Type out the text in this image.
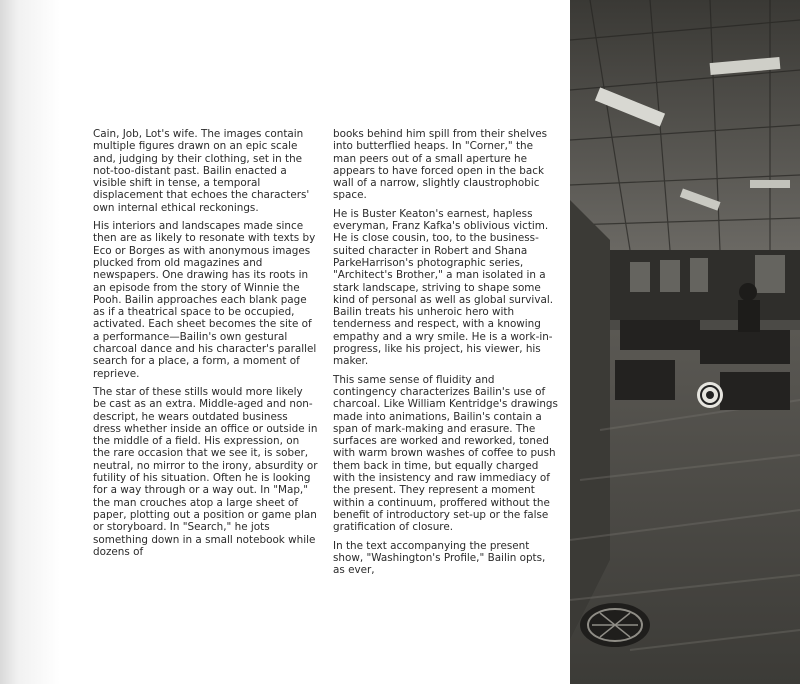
Cain, Job, Lot's wife. The images contain multiple figures drawn on an epic scale and, judging by their clothing, set in the not-too-distant past. Bailin enacted a visible shift in tense, a temporal displacement that echoes the characters' own internal ethical reckonings.

His interiors and landscapes made since then are as likely to resonate with texts by Eco or Borges as with anonymous images plucked from old magazines and newspapers. One drawing has its roots in an episode from the story of Winnie the Pooh. Bailin approaches each blank page as if a theatrical space to be occupied, activated. Each sheet becomes the site of a performance—Bailin's own gestural charcoal dance and his character's parallel search for a place, a form, a moment of reprieve.

The star of these stills would more likely be cast as an extra. Middle-aged and non-descript, he wears outdated business dress whether inside an office or outside in the middle of a field. His expression, on the rare occasion that we see it, is sober, neutral, no mirror to the irony, absurdity or futility of his situation. Often he is looking for a way through or a way out. In "Map," the man crouches atop a large sheet of paper, plotting out a position or game plan or storyboard. In "Search," he jots something down in a small notebook while dozens of

books behind him spill from their shelves into butterflied heaps. In "Corner," the man peers out of a small aperture he appears to have forced open in the back wall of a narrow, slightly claustrophobic space.

He is Buster Keaton's earnest, hapless everyman, Franz Kafka's oblivious victim. He is close cousin, too, to the business-suited character in Robert and Shana ParkeHarrison's photographic series, "Architect's Brother," a man isolated in a stark landscape, striving to shape some kind of personal as well as global survival. Bailin treats his unheroic hero with tenderness and respect, with a knowing empathy and a wry smile. He is a work-in-progress, like his project, his viewer, his maker.

This same sense of fluidity and contingency characterizes Bailin's use of charcoal. Like William Kentridge's drawings made into animations, Bailin's contain a span of mark-making and erasure. The surfaces are worked and reworked, toned with warm brown washes of coffee to push them back in time, but equally charged with the insistency and raw immediacy of the present. They represent a moment within a continuum, proffered without the benefit of introductory set-up or the false gratification of closure.

In the text accompanying the present show, "Washington's Profile," Bailin opts, as ever,
